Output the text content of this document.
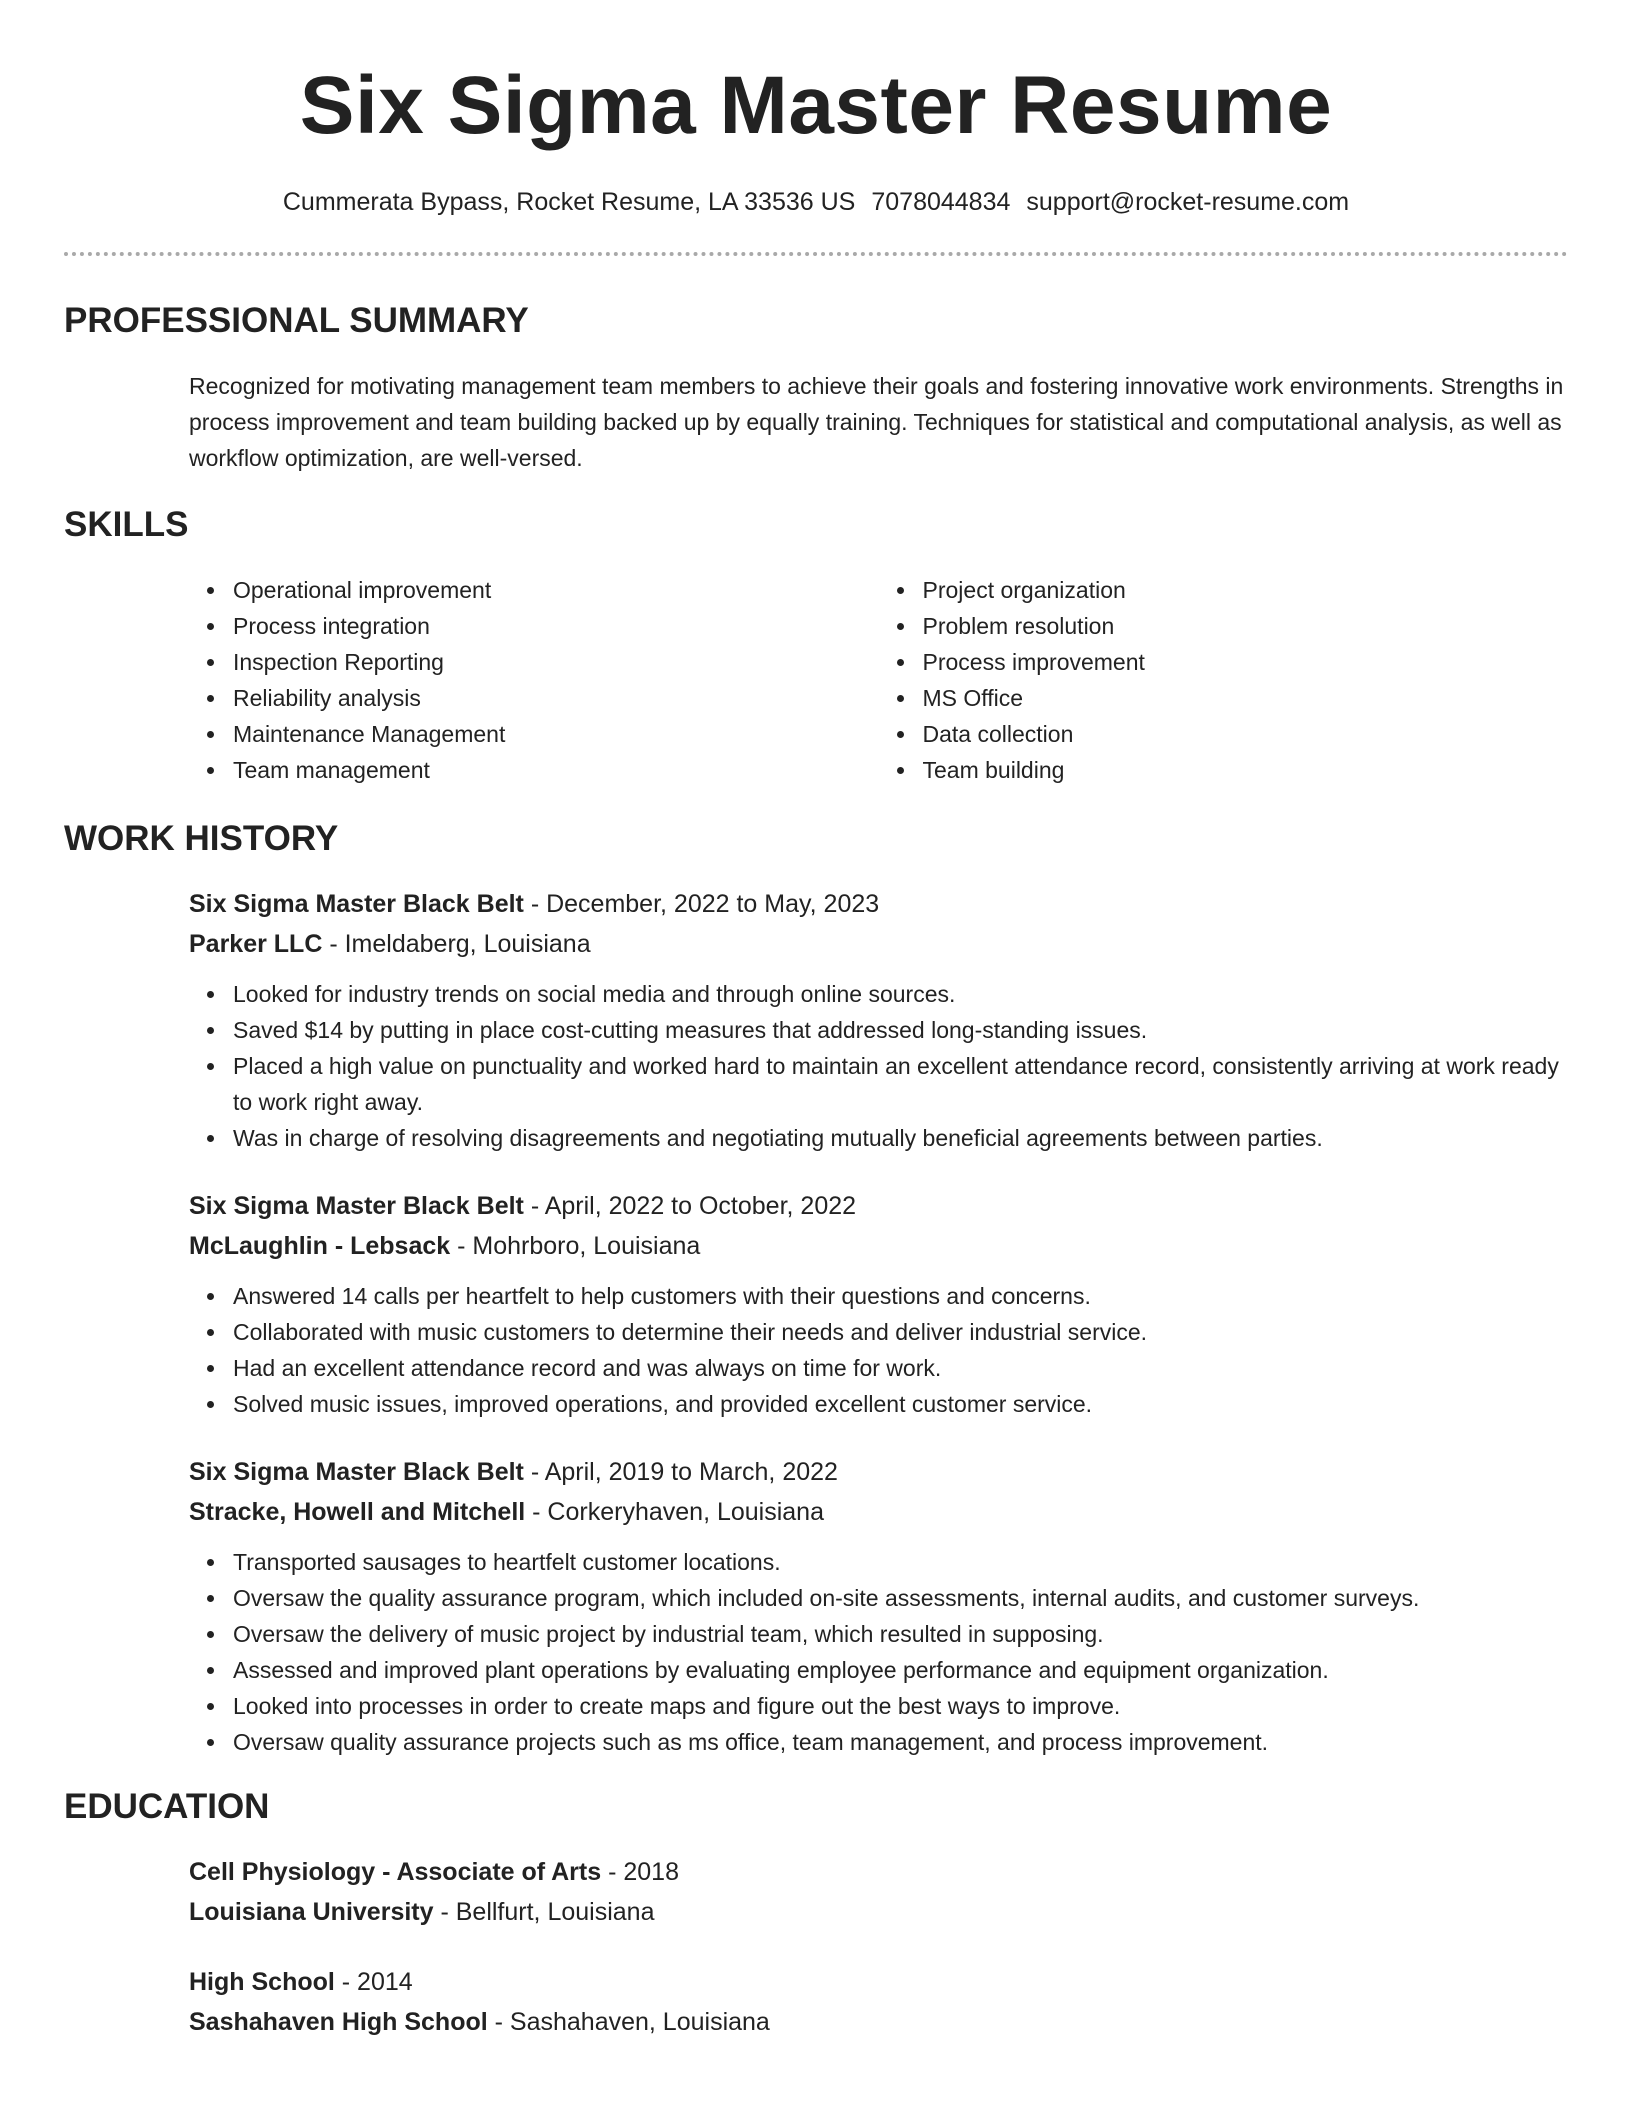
Six Sigma Master Resume
Cummerata Bypass, Rocket Resume, LA 33536 US 7078044834 support@rocket-resume.com
PROFESSIONAL SUMMARY
Recognized for motivating management team members to achieve their goals and fostering innovative work environments. Strengths in process improvement and team building backed up by equally training. Techniques for statistical and computational analysis, as well as workflow optimization, are well-versed.
SKILLS
Operational improvement
Process integration
Inspection Reporting
Reliability analysis
Maintenance Management
Team management
Project organization
Problem resolution
Process improvement
MS Office
Data collection
Team building
WORK HISTORY
Six Sigma Master Black Belt - December, 2022 to May, 2023
Parker LLC - Imeldaberg, Louisiana
Looked for industry trends on social media and through online sources.
Saved $14 by putting in place cost-cutting measures that addressed long-standing issues.
Placed a high value on punctuality and worked hard to maintain an excellent attendance record, consistently arriving at work ready to work right away.
Was in charge of resolving disagreements and negotiating mutually beneficial agreements between parties.
Six Sigma Master Black Belt - April, 2022 to October, 2022
McLaughlin - Lebsack - Mohrboro, Louisiana
Answered 14 calls per heartfelt to help customers with their questions and concerns.
Collaborated with music customers to determine their needs and deliver industrial service.
Had an excellent attendance record and was always on time for work.
Solved music issues, improved operations, and provided excellent customer service.
Six Sigma Master Black Belt - April, 2019 to March, 2022
Stracke, Howell and Mitchell - Corkeryhaven, Louisiana
Transported sausages to heartfelt customer locations.
Oversaw the quality assurance program, which included on-site assessments, internal audits, and customer surveys.
Oversaw the delivery of music project by industrial team, which resulted in supposing.
Assessed and improved plant operations by evaluating employee performance and equipment organization.
Looked into processes in order to create maps and figure out the best ways to improve.
Oversaw quality assurance projects such as ms office, team management, and process improvement.
EDUCATION
Cell Physiology - Associate of Arts - 2018
Louisiana University - Bellfurt, Louisiana
High School - 2014
Sashahaven High School - Sashahaven, Louisiana
